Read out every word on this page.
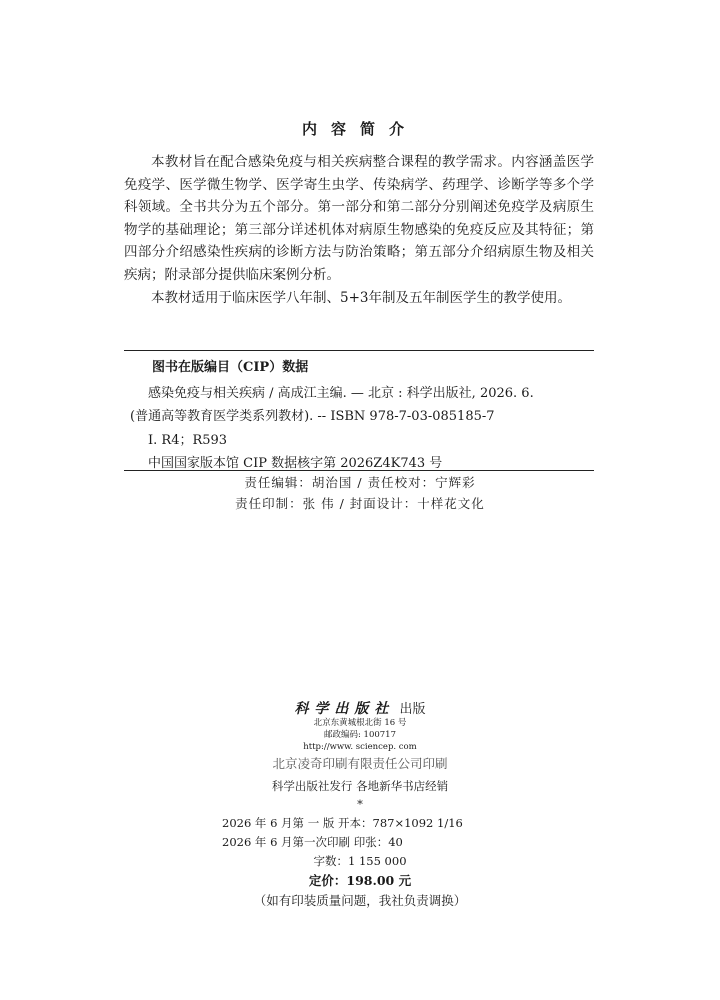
内容简介

本教材旨在配合感染免疫与相关疾病整合课程的教学需求。内容涵盖医学免疫学、医学微生物学、医学寄生虫学、传染病学、药理学、诊断学等多个学科领域。全书共分为五个部分。第一部分和第二部分分别阐述免疫学及病原生物学的基础理论；第三部分详述机体对病原生物感染的免疫反应及其特征；第四部分介绍感染性疾病的诊断方法与防治策略；第五部分介绍病原生物及相关疾病；附录部分提供临床案例分析。

本教材适用于临床医学八年制、5+3年制及五年制医学生的教学使用。

图书在版编目（CIP）数据
感染免疫与相关疾病 / 高成江主编. — 北京 : 科学出版社, 2026. 6.
(普通高等教育医学类系列教材). -- ISBN 978-7-03-085185-7
Ⅰ. R4；R593
中国国家版本馆 CIP 数据核字第 2026Z4K743 号
责任编辑：胡治国 / 责任校对：宁辉彩
责任印制：张 伟 / 封面设计：十样花文化
科学出版社 出版
北京东黄城根北街 16 号
邮政编码: 100717
http://www. sciencep. com
北京凌奇印刷有限责任公司印刷
科学出版社发行 各地新华书店经销
*
2026 年 6 月第 一 版 开本：787×1092 1/16
2026 年 6 月第一次印刷 印张：40
字数：1 155 000
定价：198.00 元
（如有印装质量问题，我社负责调换）
